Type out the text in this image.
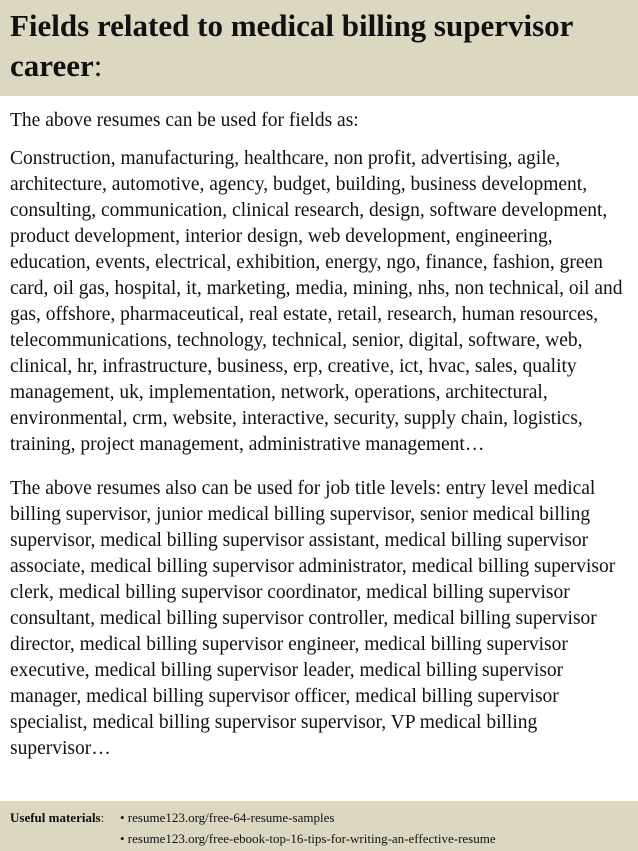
Fields related to medical billing supervisor career:

The above resumes can be used for fields as:

Construction, manufacturing, healthcare, non profit, advertising, agile, architecture, automotive, agency, budget, building, business development, consulting, communication, clinical research, design, software development, product development, interior design, web development, engineering, education, events, electrical, exhibition, energy, ngo, finance, fashion, green card, oil gas, hospital, it, marketing, media, mining, nhs, non technical, oil and gas, offshore, pharmaceutical, real estate, retail, research, human resources, telecommunications, technology, technical, senior, digital, software, web, clinical, hr, infrastructure, business, erp, creative, ict, hvac, sales, quality management, uk, implementation, network, operations, architectural, environmental, crm, website, interactive, security, supply chain, logistics, training, project management, administrative management…

The above resumes also can be used for job title levels: entry level medical billing supervisor, junior medical billing supervisor, senior medical billing supervisor, medical billing supervisor assistant, medical billing supervisor associate, medical billing supervisor administrator, medical billing supervisor clerk, medical billing supervisor coordinator, medical billing supervisor consultant, medical billing supervisor controller, medical billing supervisor director, medical billing supervisor engineer, medical billing supervisor executive, medical billing supervisor leader, medical billing supervisor manager, medical billing supervisor officer, medical billing supervisor specialist, medical billing supervisor supervisor, VP medical billing supervisor…

Useful materials:	• resume123.org/free-64-resume-samples
• resume123.org/free-ebook-top-16-tips-for-writing-an-effective-resume
